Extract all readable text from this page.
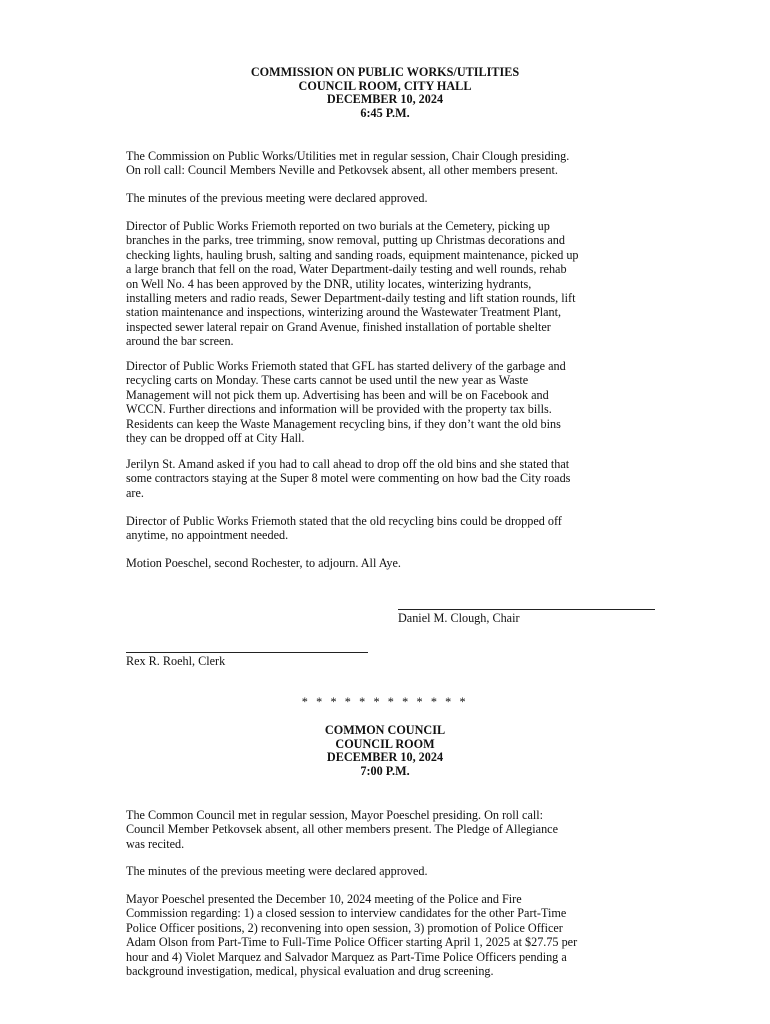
COMMISSION ON PUBLIC WORKS/UTILITIES
COUNCIL ROOM, CITY HALL
DECEMBER 10, 2024
6:45 P.M.
The Commission on Public Works/Utilities met in regular session, Chair Clough presiding.
On roll call: Council Members Neville and Petkovsek absent, all other members present.
The minutes of the previous meeting were declared approved.
Director of Public Works Friemoth reported on two burials at the Cemetery, picking up
branches in the parks, tree trimming, snow removal, putting up Christmas decorations and
checking lights, hauling brush, salting and sanding roads, equipment maintenance, picked up
a large branch that fell on the road, Water Department-daily testing and well rounds, rehab
on Well No. 4 has been approved by the DNR, utility locates, winterizing hydrants,
installing meters and radio reads, Sewer Department-daily testing and lift station rounds, lift
station maintenance and inspections, winterizing around the Wastewater Treatment Plant,
inspected sewer lateral repair on Grand Avenue, finished installation of portable shelter
around the bar screen.
Director of Public Works Friemoth stated that GFL has started delivery of the garbage and
recycling carts on Monday. These carts cannot be used until the new year as Waste
Management will not pick them up. Advertising has been and will be on Facebook and
WCCN. Further directions and information will be provided with the property tax bills.
Residents can keep the Waste Management recycling bins, if they don’t want the old bins
they can be dropped off at City Hall.
Jerilyn St. Amand asked if you had to call ahead to drop off the old bins and she stated that
some contractors staying at the Super 8 motel were commenting on how bad the City roads
are.
Director of Public Works Friemoth stated that the old recycling bins could be dropped off
anytime, no appointment needed.
Motion Poeschel, second Rochester, to adjourn. All Aye.
Daniel M. Clough, Chair
Rex R. Roehl, Clerk
* * * * * * * * * * * *
COMMON COUNCIL
COUNCIL ROOM
DECEMBER 10, 2024
7:00 P.M.
The Common Council met in regular session, Mayor Poeschel presiding. On roll call:
Council Member Petkovsek absent, all other members present. The Pledge of Allegiance
was recited.
The minutes of the previous meeting were declared approved.
Mayor Poeschel presented the December 10, 2024 meeting of the Police and Fire
Commission regarding: 1) a closed session to interview candidates for the other Part-Time
Police Officer positions, 2) reconvening into open session, 3) promotion of Police Officer
Adam Olson from Part-Time to Full-Time Police Officer starting April 1, 2025 at $27.75 per
hour and 4) Violet Marquez and Salvador Marquez as Part-Time Police Officers pending a
background investigation, medical, physical evaluation and drug screening.
